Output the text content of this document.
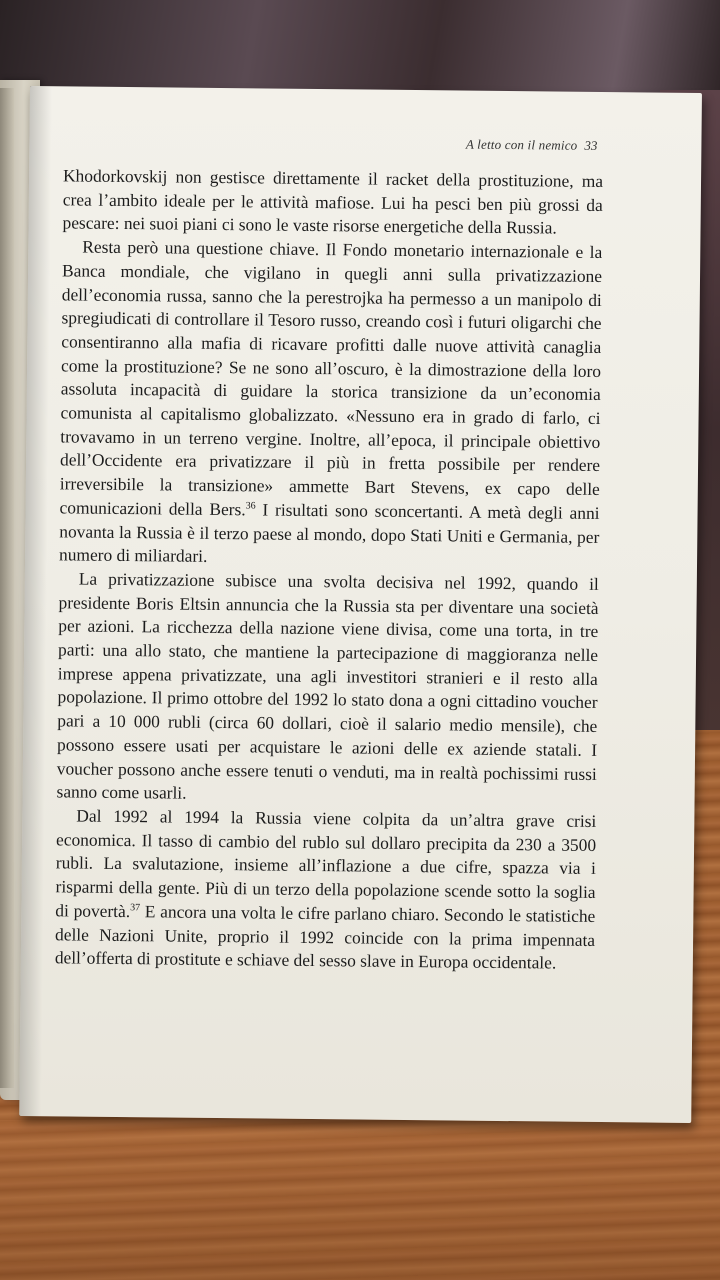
A letto con il nemico 33

Khodorkovskij non gestisce direttamente il racket della prostituzione, ma crea l’ambito ideale per le attività mafiose. Lui ha pesci ben più grossi da pescare: nei suoi piani ci sono le vaste risorse energetiche della Russia.

Resta però una questione chiave. Il Fondo monetario internazionale e la Banca mondiale, che vigilano in quegli anni sulla privatizzazione dell’economia russa, sanno che la perestrojka ha permesso a un manipolo di spregiudicati di controllare il Tesoro russo, creando così i futuri oligarchi che consentiranno alla mafia di ricavare profitti dalle nuove attività canaglia come la prostituzione? Se ne sono all’oscuro, è la dimostrazione della loro assoluta incapacità di guidare la storica transizione da un’economia comunista al capitalismo globalizzato. «Nessuno era in grado di farlo, ci trovavamo in un terreno vergine. Inoltre, all’epoca, il principale obiettivo dell’Occidente era privatizzare il più in fretta possibile per rendere irreversibile la transizione» ammette Bart Stevens, ex capo delle comunicazioni della Bers.$^{36}$ I risultati sono sconcertanti. A metà degli anni novanta la Russia è il terzo paese al mondo, dopo Stati Uniti e Germania, per numero di miliardari.

La privatizzazione subisce una svolta decisiva nel 1992, quando il presidente Boris Eltsin annuncia che la Russia sta per diventare una società per azioni. La ricchezza della nazione viene divisa, come una torta, in tre parti: una allo stato, che mantiene la partecipazione di maggioranza nelle imprese appena privatizzate, una agli investitori stranieri e il resto alla popolazione. Il primo ottobre del 1992 lo stato dona a ogni cittadino voucher pari a 10 000 rubli (circa 60 dollari, cioè il salario medio mensile), che possono essere usati per acquistare le azioni delle ex aziende statali. I voucher possono anche essere tenuti o venduti, ma in realtà pochissimi russi sanno come usarli.

Dal 1992 al 1994 la Russia viene colpita da un’altra grave crisi economica. Il tasso di cambio del rublo sul dollaro precipita da 230 a 3500 rubli. La svalutazione, insieme all’inflazione a due cifre, spazza via i risparmi della gente. Più di un terzo della popolazione scende sotto la soglia di povertà.$^{37}$ E ancora una volta le cifre parlano chiaro. Secondo le statistiche delle Nazioni Unite, proprio il 1992 coincide con la prima impennata dell’offerta di prostitute e schiave del sesso slave in Europa occidentale.
